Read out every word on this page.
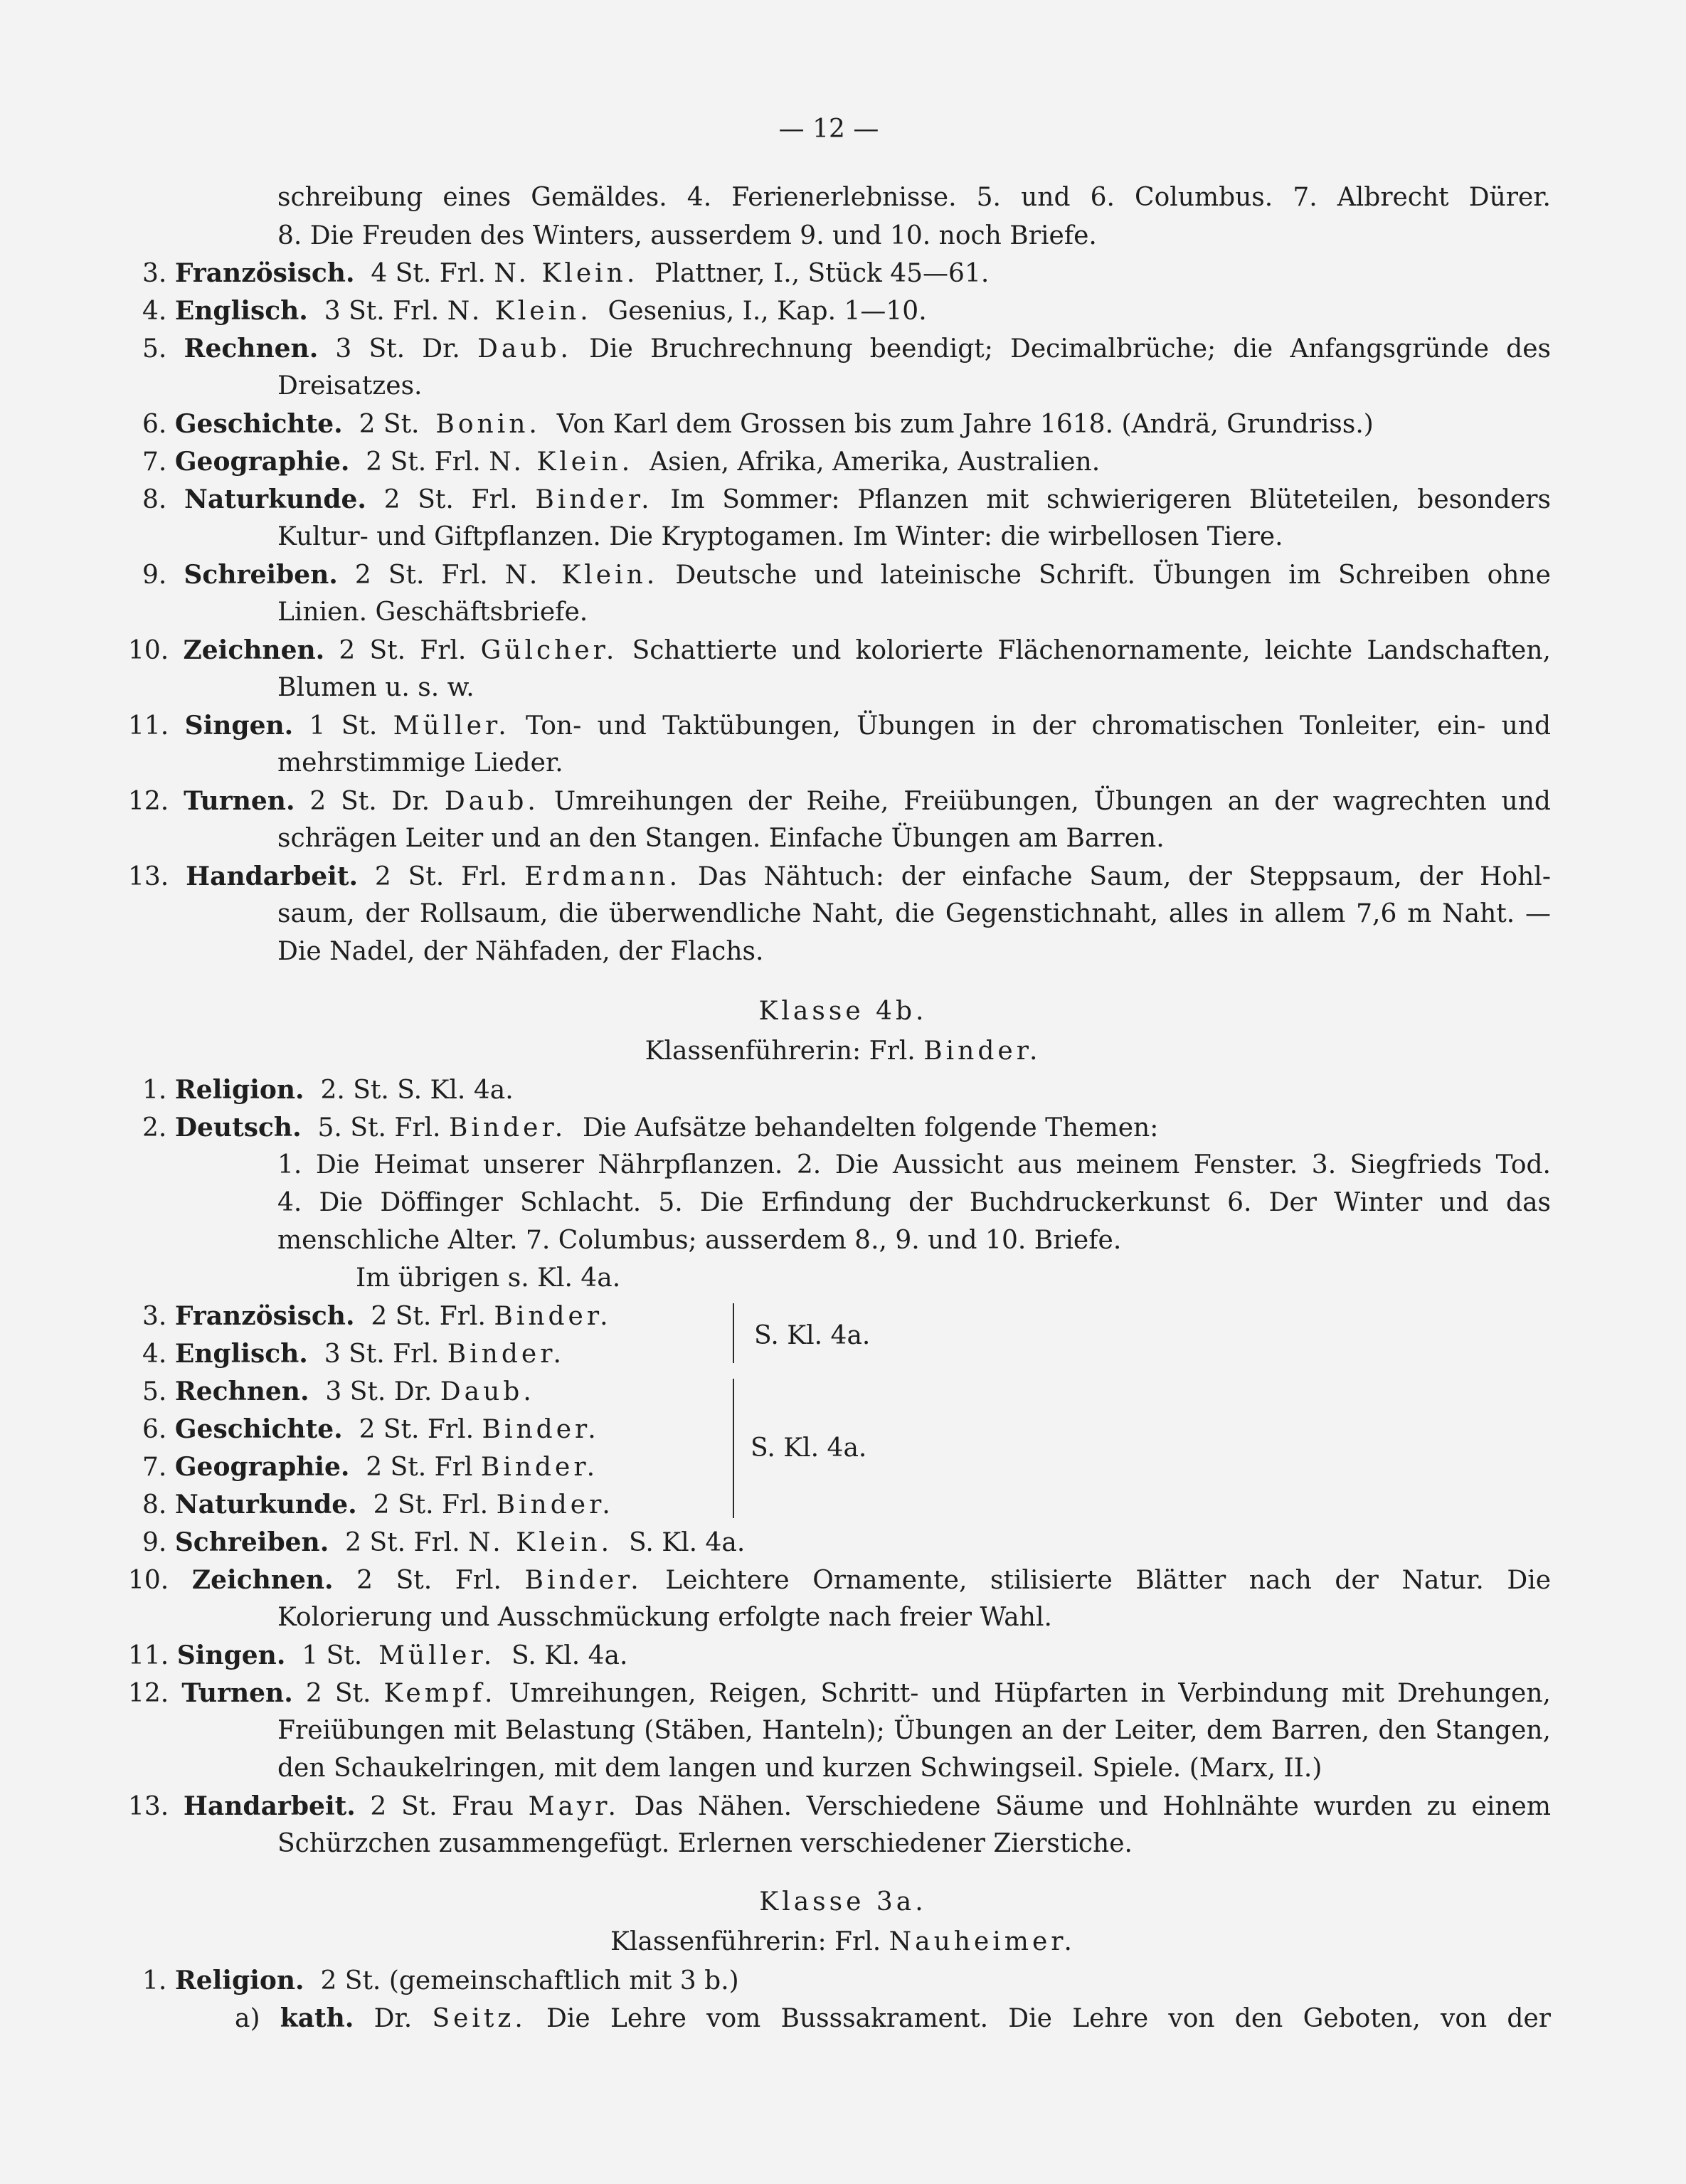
— 12 —
schreibung eines Gemäldes. 4. Ferienerlebnisse. 5. und 6. Columbus. 7. Albrecht Dürer.
8. Die Freuden des Winters, ausserdem 9. und 10. noch Briefe.
3. Französisch. 4 St. Frl. N. Klein. Plattner, I., Stück 45—61.
4. Englisch. 3 St. Frl. N. Klein. Gesenius, I., Kap. 1—10.
5. Rechnen. 3 St. Dr. Daub. Die Bruchrechnung beendigt; Decimalbrüche; die Anfangsgründe des
Dreisatzes.
6. Geschichte. 2 St. Bonin. Von Karl dem Grossen bis zum Jahre 1618. (Andrä, Grundriss.)
7. Geographie. 2 St. Frl. N. Klein. Asien, Afrika, Amerika, Australien.
8. Naturkunde. 2 St. Frl. Binder. Im Sommer: Pflanzen mit schwierigeren Blüteteilen, besonders
Kultur- und Giftpflanzen. Die Kryptogamen. Im Winter: die wirbellosen Tiere.
9. Schreiben. 2 St. Frl. N. Klein. Deutsche und lateinische Schrift. Übungen im Schreiben ohne
Linien. Geschäftsbriefe.
10. Zeichnen. 2 St. Frl. Gülcher. Schattierte und kolorierte Flächenornamente, leichte Landschaften,
Blumen u. s. w.
11. Singen. 1 St. Müller. Ton- und Taktübungen, Übungen in der chromatischen Tonleiter, ein- und
mehrstimmige Lieder.
12. Turnen. 2 St. Dr. Daub. Umreihungen der Reihe, Freiübungen, Übungen an der wagrechten und
schrägen Leiter und an den Stangen. Einfache Übungen am Barren.
13. Handarbeit. 2 St. Frl. Erdmann. Das Nähtuch: der einfache Saum, der Steppsaum, der Hohl-
saum, der Rollsaum, die überwendliche Naht, die Gegenstichnaht, alles in allem 7,6 m Naht. —
Die Nadel, der Nähfaden, der Flachs.
Klasse 4b.
Klassenführerin: Frl. Binder.
1. Religion. 2. St. S. Kl. 4a.
2. Deutsch. 5. St. Frl. Binder. Die Aufsätze behandelten folgende Themen:
1. Die Heimat unserer Nährpflanzen. 2. Die Aussicht aus meinem Fenster. 3. Siegfrieds Tod.
4. Die Döffinger Schlacht. 5. Die Erfindung der Buchdruckerkunst 6. Der Winter und das
menschliche Alter. 7. Columbus; ausserdem 8., 9. und 10. Briefe.
Im übrigen s. Kl. 4a.
3. Französisch. 2 St. Frl. Binder.
4. Englisch. 3 St. Frl. Binder.
S. Kl. 4a.
5. Rechnen. 3 St. Dr. Daub.
6. Geschichte. 2 St. Frl. Binder.
7. Geographie. 2 St. Frl Binder.
8. Naturkunde. 2 St. Frl. Binder.
S. Kl. 4a.
9. Schreiben. 2 St. Frl. N. Klein. S. Kl. 4a.
10. Zeichnen. 2 St. Frl. Binder. Leichtere Ornamente, stilisierte Blätter nach der Natur. Die
Kolorierung und Ausschmückung erfolgte nach freier Wahl.
11. Singen. 1 St. Müller. S. Kl. 4a.
12. Turnen. 2 St. Kempf. Umreihungen, Reigen, Schritt- und Hüpfarten in Verbindung mit Drehungen,
Freiübungen mit Belastung (Stäben, Hanteln); Übungen an der Leiter, dem Barren, den Stangen,
den Schaukelringen, mit dem langen und kurzen Schwingseil. Spiele. (Marx, II.)
13. Handarbeit. 2 St. Frau Mayr. Das Nähen. Verschiedene Säume und Hohlnähte wurden zu einem
Schürzchen zusammengefügt. Erlernen verschiedener Zierstiche.
Klasse 3a.
Klassenführerin: Frl. Nauheimer.
1. Religion. 2 St. (gemeinschaftlich mit 3 b.)
a) kath. Dr. Seitz. Die Lehre vom Busssakrament. Die Lehre von den Geboten, von der
